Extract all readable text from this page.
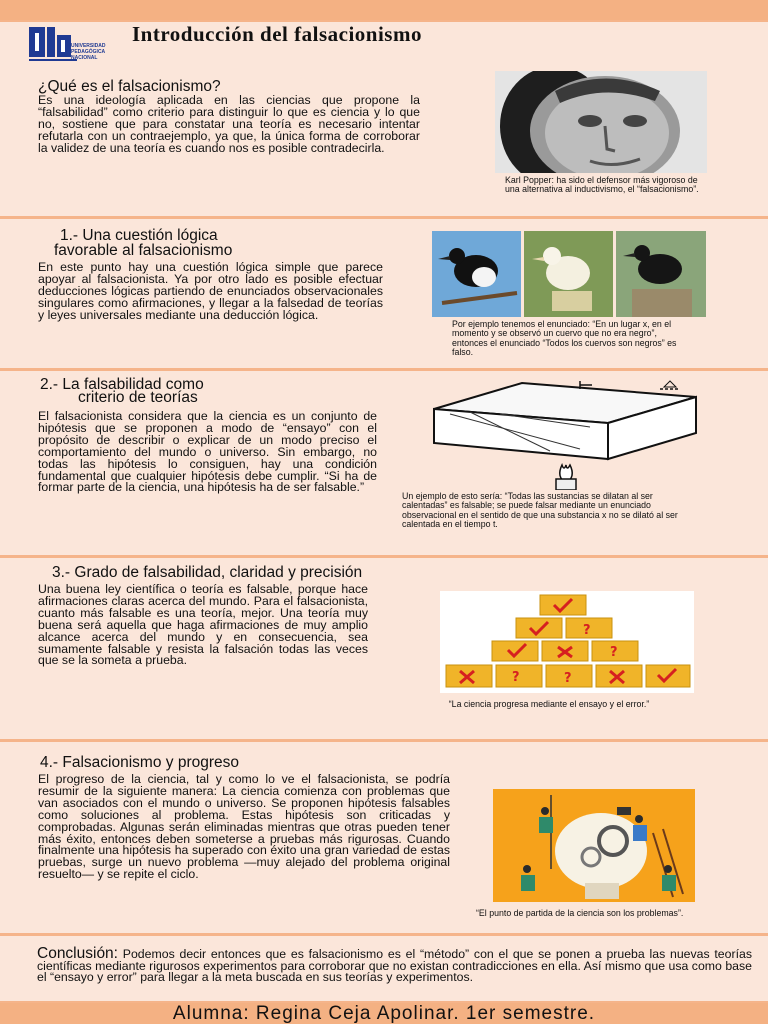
UNIVERSIDAD PEDAGÓGICA NACIONAL
Introducción del falsacionismo
¿Qué es el falsacionismo?
Es una ideología aplicada en las ciencias que propone la “falsabilidad” como criterio para distinguir lo que es ciencia y lo que no, sostiene que para constatar una teoría es necesario intentar refutarla con un contraejemplo, ya que, la única forma de corroborar la validez de una teoría es cuando nos es posible contradecirla.
Karl Popper: ha sido el defensor más vigoroso de una alternativa al inductivismo, el “falsacionismo”.
1.- Una cuestión lógica
favorable al falsacionismo
En este punto hay una cuestión lógica simple que parece apoyar al falsacionista. Ya por otro lado es posible efectuar deducciones lógicas partiendo de enunciados observacionales singulares como afirmaciones, y llegar a la falsedad de teorías y leyes universales mediante una deducción lógica.
Por ejemplo tenemos el enunciado: “En un lugar x, en el momento y se observó un cuervo que no era negro”, entonces el enunciado “Todos los cuervos son negros” es falso.
2.- La falsabilidad como
criterio de teorías
El falsacionista considera que la ciencia es un conjunto de hipótesis que se proponen a modo de “ensayo” con el propósito de describir o explicar de un modo preciso el comportamiento del mundo o universo. Sin embargo, no todas las hipótesis lo consiguen, hay una condición fundamental que cualquier hipótesis debe cumplir. “Si ha de formar parte de la ciencia, una hipótesis ha de ser falsable.”
Un ejemplo de esto sería: “Todas las sustancias se dilatan al ser calentadas” es falsable; se puede falsar mediante un enunciado observacional en el sentido de que una substancia x no se dilató al ser calentada en el tiempo t.
3.- Grado de falsabilidad, claridad y precisión
Una buena ley científica o teoría es falsable, porque hace afirmaciones claras acerca del mundo. Para el falsacionista, cuanto más falsable es una teoría, mejor. Una teoría muy buena será aquella que haga afirmaciones de muy amplio alcance acerca del mundo y en consecuencia, sea sumamente falsable y resista la falsación todas las veces que se la someta a prueba.
?
?
?	?
“La ciencia progresa mediante el ensayo y el error.”
4.- Falsacionismo y progreso
El progreso de la ciencia, tal y como lo ve el falsacionista, se podría resumir de la siguiente manera: La ciencia comienza con problemas que van asociados con el mundo o universo. Se proponen hipótesis falsables como soluciones al problema. Estas hipótesis son criticadas y comprobadas. Algunas serán eliminadas mientras que otras pueden tener más éxito, entonces deben someterse a pruebas más rigurosas. Cuando finalmente una hipótesis ha superado con éxito una gran variedad de estas pruebas, surge un nuevo problema —muy alejado del problema original resuelto— y se repite el ciclo.
“El punto de partida de la ciencia son los problemas”.
Conclusión: Podemos decir entonces que es falsacionismo es el “método” con el que se ponen a prueba las nuevas teorías científicas mediante rigurosos experimentos para corroborar que no existan contradicciones en ella. Así mismo que usa como base el “ensayo y error” para llegar a la meta buscada en sus teorías y experimentos.
Alumna: Regina Ceja Apolinar. 1er semestre.
